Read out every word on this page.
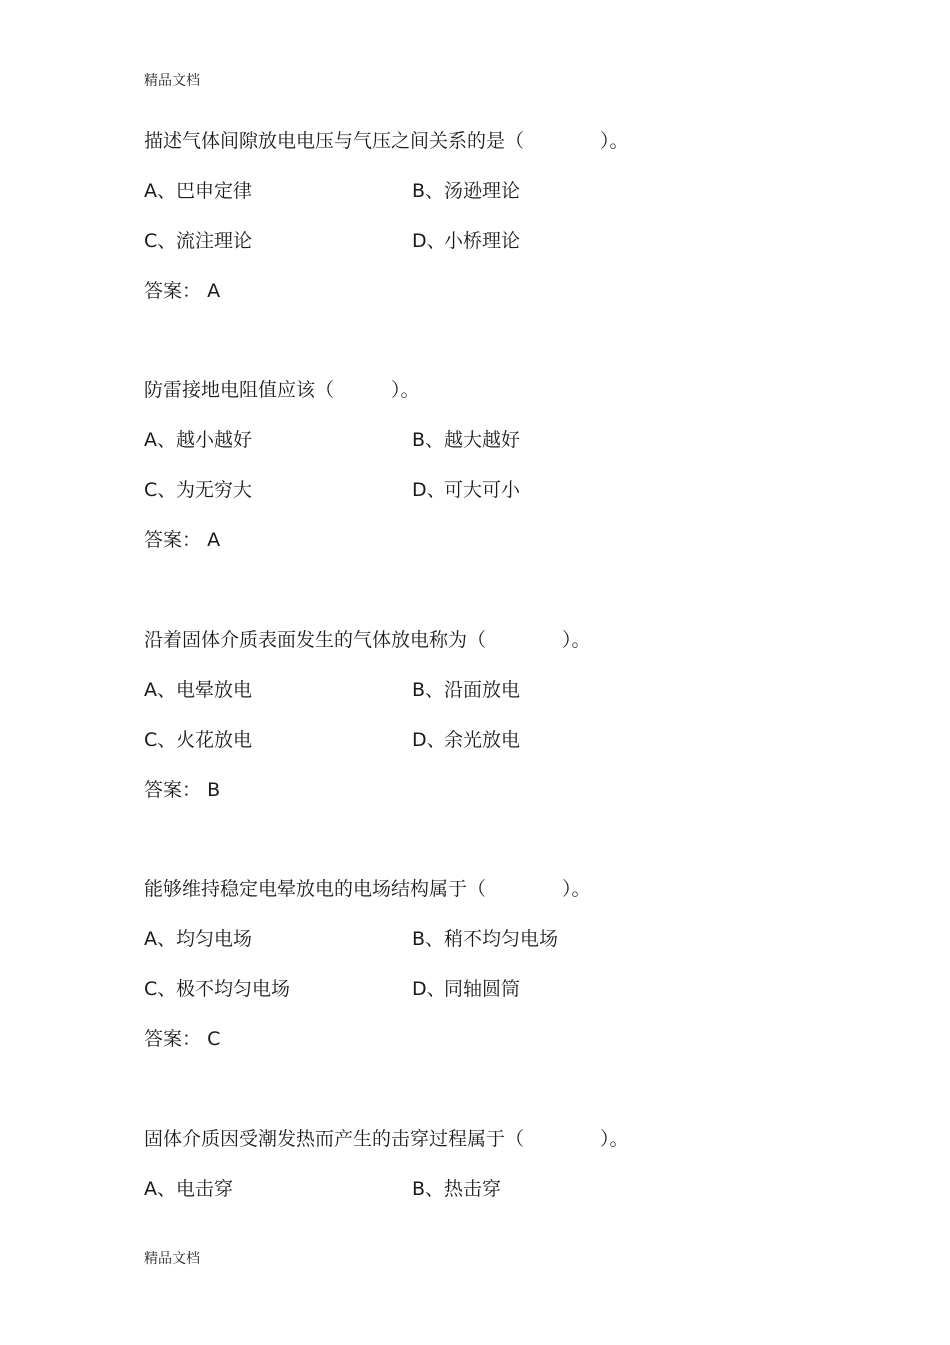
精品文档
描述气体间隙放电电压与气压之间关系的是（　　　　）。
A、巴申定律	B、汤逊理论
C、流注理论	D、小桥理论
答案： A
防雷接地电阻值应该（　　　）。
A、越小越好	B、越大越好
C、为无穷大	D、可大可小
答案： A
沿着固体介质表面发生的气体放电称为（　　　　）。
A、电晕放电	B、沿面放电
C、火花放电	D、余光放电
答案： B
能够维持稳定电晕放电的电场结构属于（　　　　）。
A、均匀电场	B、稍不均匀电场
C、极不均匀电场	D、同轴圆筒
答案： C
固体介质因受潮发热而产生的击穿过程属于（　　　　）。
A、电击穿	B、热击穿
精品文档
